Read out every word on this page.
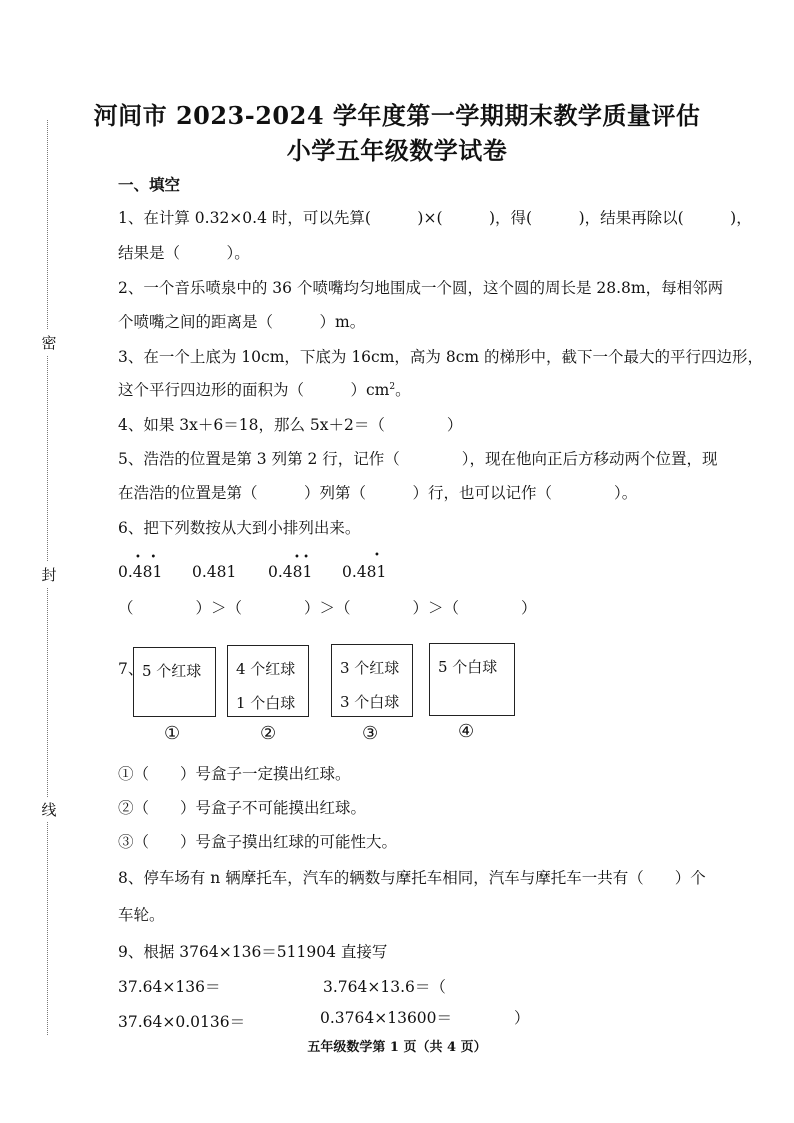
密
封
线
河间市 2023-2024 学年度第一学期期末教学质量评估
小学五年级数学试卷
一、填空
1、在计算 0.32×0.4 时，可以先算(　　　)×(　　　)，得(　　　)，结果再除以(　　　)，
结果是（　　　）。
2、一个音乐喷泉中的 36 个喷嘴均匀地围成一个圆，这个圆的周长是 28.8m，每相邻两
个喷嘴之间的距离是（　　　）m。
3、在一个上底为 10cm，下底为 16cm，高为 8cm 的梯形中，截下一个最大的平行四边形，
这个平行四边形的面积为（　　　）$cm^2$。
4、如果 3x＋6＝18，那么 5x＋2＝（　　　　）
5、浩浩的位置是第 3 列第 2 行，记作（　　　　），现在他向正后方移动两个位置，现
在浩浩的位置是第（　　　）列第（　　　）行，也可以记作（　　　　）。
6、把下列数按从大到小排列出来。
0.481
•   •
0.481 0.481
• •
0.481
•
（　　　　）＞（　　　　）＞（　　　　）＞（　　　　）
7、
5 个红球	4 个红球
1 个白球
3 个红球
3 个白球
5 个白球
①	②	③	④
①（　　）号盒子一定摸出红球。
②（　　）号盒子不可能摸出红球。
③（　　）号盒子摸出红球的可能性大。
8、停车场有 n 辆摩托车，汽车的辆数与摩托车相同，汽车与摩托车一共有（　　）个
车轮。
9、根据 3764×136＝511904 直接写
37.64×136＝	3.764×13.6＝（
37.64×0.0136＝	0.3764×13600＝　　　　）
五年级数学第 1 页（共 4 页）
